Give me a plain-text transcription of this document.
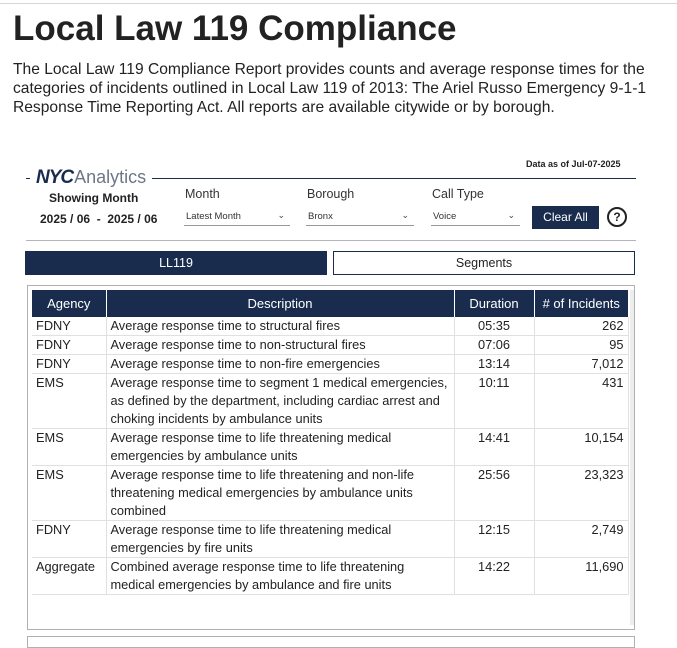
Local Law 119 Compliance

The Local Law 119 Compliance Report provides counts and average response times for the categories of incidents outlined in Local Law 119 of 2013: The Ariel Russo Emergency 9-1-1 Response Time Reporting Act. All reports are available citywide or by borough.

Data as of Jul-07-2025
NYC Analytics
Showing Month
2025 / 06  -  2025 / 06
Month
Latest Month	⌄
Borough
Bronx	⌄
Call Type
Voice	⌄	Clear All	?
LL119	Segments
Agency	Description	Duration	# of Incidents
FDNY	Average response time to structural fires	05:35	262
FDNY	Average response time to non-structural fires	07:06	95
FDNY	Average response time to non-fire emergencies	13:14	7,012
EMS	Average response time to segment 1 medical emergencies, as defined by the department, including cardiac arrest and choking incidents by ambulance units	10:11	431
EMS	Average response time to life threatening medical emergencies by ambulance units	14:41	10,154
EMS	Average response time to life threatening and non-life threatening medical emergencies by ambulance units combined	25:56	23,323
FDNY	Average response time to life threatening medical emergencies by fire units	12:15	2,749
Aggregate	Combined average response time to life threatening medical emergencies by ambulance and fire units	14:22	11,690
